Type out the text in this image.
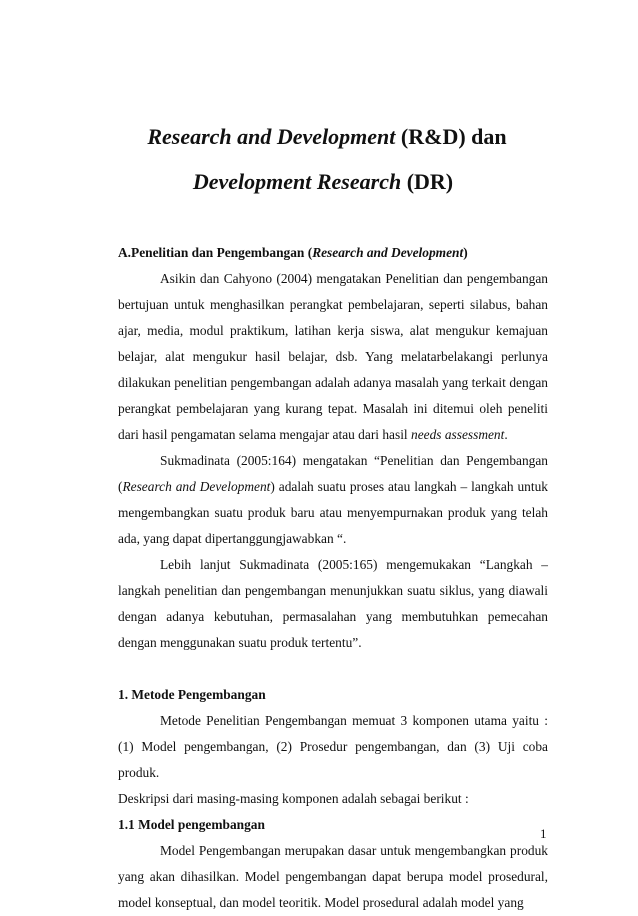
Research and Development (R&D) dan
Development Research (DR)

A.Penelitian dan Pengembangan (Research and Development)

Asikin dan Cahyono (2004) mengatakan Penelitian dan pengembangan bertujuan untuk menghasilkan perangkat pembelajaran, seperti silabus, bahan ajar, media, modul praktikum, latihan kerja siswa, alat mengukur kemajuan belajar, alat mengukur hasil belajar, dsb. Yang melatarbelakangi perlunya dilakukan penelitian pengembangan adalah adanya masalah yang terkait dengan perangkat pembelajaran yang kurang tepat. Masalah ini ditemui oleh peneliti dari hasil pengamatan selama mengajar atau dari hasil needs assessment.

Sukmadinata (2005:164) mengatakan “Penelitian dan Pengembangan (Research and Development) adalah suatu proses atau langkah – langkah untuk mengembangkan suatu produk baru atau menyempurnakan produk yang telah ada, yang dapat dipertanggungjawabkan “.

Lebih lanjut Sukmadinata (2005:165) mengemukakan “Langkah – langkah penelitian dan pengembangan menunjukkan suatu siklus, yang diawali dengan adanya kebutuhan, permasalahan yang membutuhkan pemecahan dengan menggunakan suatu produk tertentu”.

1. Metode Pengembangan

Metode Penelitian Pengembangan memuat 3 komponen utama yaitu : (1) Model pengembangan, (2) Prosedur pengembangan, dan (3) Uji coba produk.

Deskripsi dari masing-masing komponen adalah sebagai berikut :

1.1 Model pengembangan

Model Pengembangan merupakan dasar untuk mengembangkan produk yang akan dihasilkan. Model pengembangan dapat berupa model prosedural, model konseptual, dan model teoritik. Model prosedural adalah model yang

1
